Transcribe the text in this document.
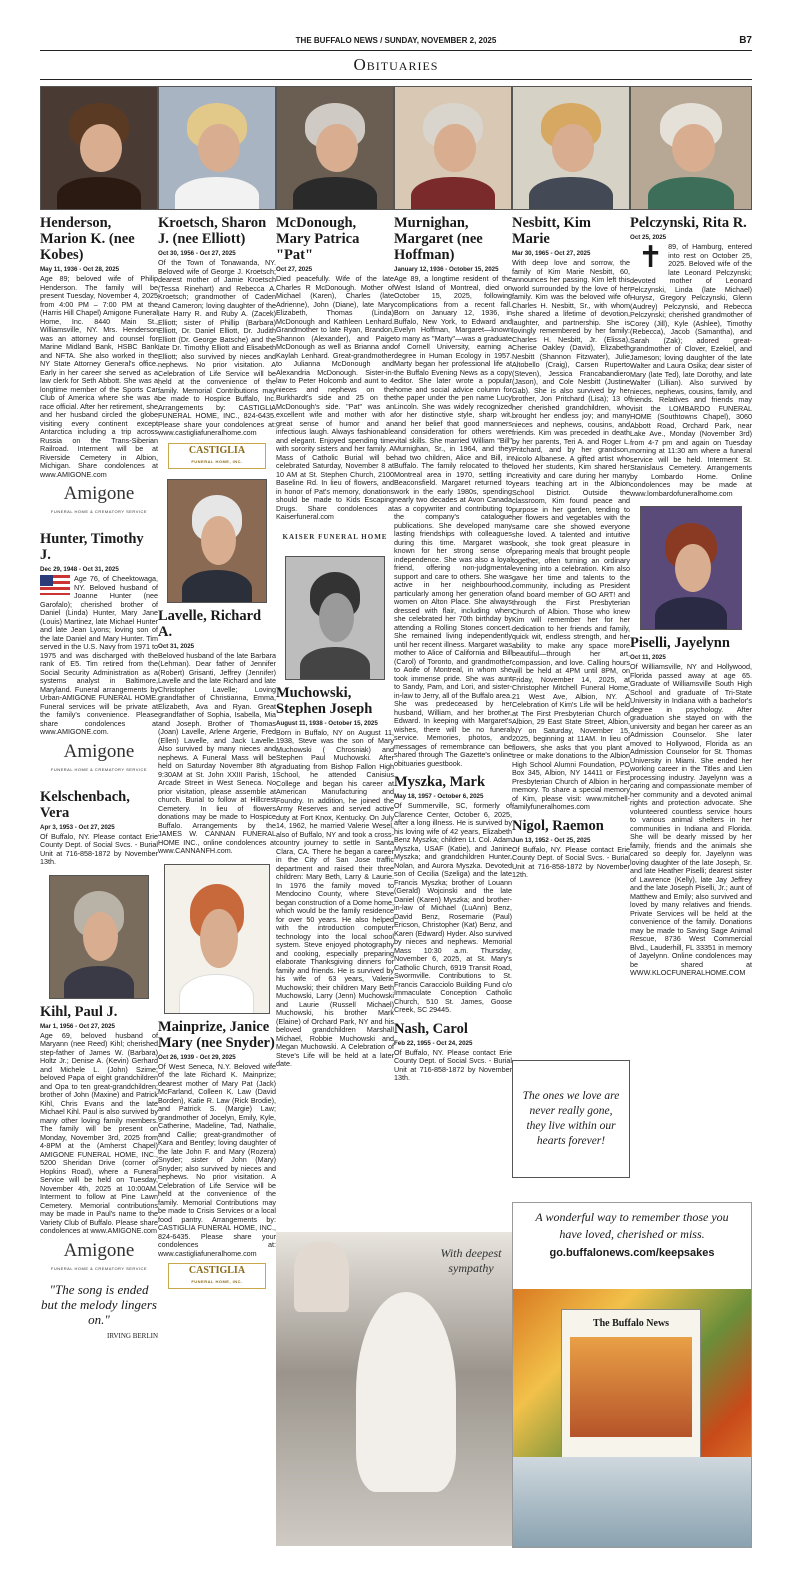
THE BUFFALO NEWS / SUNDAY, NOVEMBER 2, 2025	B7
Obituaries
Henderson, Marion K. (nee Kobes)
May 11, 1936 - Oct 28, 2025
Age 89; beloved wife of Philip Henderson. The family will be present Tuesday, November 4, 2025 from 4:00 PM – 7:00 PM at the (Harris Hill Chapel) Amigone Funeral Home, Inc. 8440 Main St., Williamsville, NY. Mrs. Henderson was an attorney and counsel for Marine Midland Bank, HSBC Bank and NFTA. She also worked in the NY State Attorney General's office. Early in her career she served as a law clerk for Seth Abbott. She was a longtime member of the Sports Car Club of America where she was a race official. After her retirement, she and her husband circled the globe visiting every continent except Antarctica including a trip across Russia on the Trans-Siberian Railroad. Interment will be at Riverside Cemetery in Albion, Michigan. Share condolences at www.AMIGONE.com
Amigone
FUNERAL HOME & CREMATORY SERVICE
Hunter, Timothy J.
Dec 29, 1948 - Oct 31, 2025
Age 76, of Cheektowaga, NY. Beloved husband of Joanne Hunter (nee Garofalo); cherished brother of Daniel (Linda) Hunter, Mary Jane (Louis) Martinez, late Michael Hunter and late Jean Lyons; loving son of the late Daniel and Mary Hunter. Tim served in the U.S. Navy from 1971 to 1975 and was discharged with the rank of E5. Tim retired from the Social Security Administration as a systems analyst in Baltimore, Maryland. Funeral arrangements by Urban-AMIGONE FUNERAL HOME. Funeral services will be private at the family's convenience. Please share condolences at www.AMIGONE.com.
Amigone
FUNERAL HOME & CREMATORY SERVICE
Kelschenbach, Vera
Apr 3, 1953 - Oct 27, 2025
Of Buffalo, NY. Please contact Erie County Dept. of Social Svcs. - Burial Unit at 716-858-1872 by November 13th.
Kihl, Paul J.
Mar 1, 1956 - Oct 27, 2025
Age 69, beloved husband of Maryann (nee Reed) Kihl; cherished step-father of James W. (Barbara) Holtz Jr.; Denise A. (Kevin) Gerhard and Michele L. (John) Szime; beloved Papa of eight grandchildren and Opa to ten great-grandchildren; brother of John (Maxine) and Patrick Kihl, Chris Evans and the late Michael Kihl. Paul is also survived by many other loving family members. The family will be present on Monday, November 3rd, 2025 from 4-8PM at the (Amherst Chapel) AMIGONE FUNERAL HOME, INC., 5200 Sheridan Drive (corner of Hopkins Road), where a Funeral Service will be held on Tuesday, November 4th, 2025 at 10:00AM. Interment to follow at Pine Lawn Cemetery. Memorial contributions may be made in Paul's name to the Variety Club of Buffalo. Please share condolences at www.AMIGONE.com
Amigone
FUNERAL HOME & CREMATORY SERVICE
"The song is ended but the melody lingers on."
IRVING BERLIN
Kroetsch, Sharon J. (nee Elliott)
Oct 30, 1956 - Oct 27, 2025
Of the Town of Tonawanda, NY. Beloved wife of George J. Kroetsch; dearest mother of Jamie Kroetsch (Tessa Rinehart) and Rebecca A. Kroetsch; grandmother of Caden and Cameron; loving daughter of the late Harry R. and Ruby A. (Zacek) Elliott; sister of Phillip (Barbara) Elliott, Dr. Daniel Elliott, Dr. Judith Elliott (Dr. George Batsche) and the late Dr. Timothy Elliott and Elisabeth Elliott; also survived by nieces and nephews. No prior visitation. A Celebration of Life Service will be held at the convenience of the family. Memorial Contributions may be made to Hospice Buffalo, Inc. Arrangements by: CASTIGLIA FUNERAL HOME, INC., 824-6435. Please share your condolences at: www.castigliafuneralhome.com
CASTIGLIA
FUNERAL HOME, INC.
Lavelle, Richard A.
Oct 31, 2025
Beloved husband of the late Barbara (Lehman). Dear father of Jennifer (Robert) Grisanti, Jeffrey (Jennifer) Lavelle and the late Richard and late Christopher Lavelle; Loving grandfather of Christianna, Emma, Elizabeth, Ava and Ryan. Great grandfather of Sophia, Isabella, Mia and Joseph. Brother of Thomas (Joan) Lavelle, Arlene Argerie, Fred (Ellen) Lavelle, and Jack Lavelle. Also survived by many nieces and nephews. A Funeral Mass will be held on Saturday November 8th at 9:30AM at St. John XXIII Parish, 1 Arcade Street in West Seneca. No prior visitation, please assemble at church. Burial to follow at Hillcrest Cemetery. In lieu of flowers donations may be made to Hospice Buffalo. Arrangements by the JAMES W. CANNAN FUNERAL HOME INC., online condolences at www.CANNANFH.com.
Mainprize, Janice Mary (nee Snyder)
Oct 26, 1939 - Oct 29, 2025
Of West Seneca, N.Y. Beloved wife of the late Richard K. Mainprize; dearest mother of Mary Pat (Jack) McFarland, Colleen K. Law (David Borden), Katie R. Law (Rick Brodie), and Patrick S. (Margie) Law; grandmother of Jocelyn, Emily, Kyle, Catherine, Madeline, Tad, Nathalie, and Callie; great-grandmother of Kara and Bentley; loving daughter of the late John F. and Mary (Rozera) Snyder; sister of John (Mary) Snyder; also survived by nieces and nephews. No prior visitation. A Celebration of Life Service will be held at the convenience of the family. Memorial Contributions may be made to Crisis Services or a local food pantry. Arrangements by: CASTIGLIA FUNERAL HOME, INC., 824-6435. Please share your condolences at: www.castigliafuneralhome.com
CASTIGLIA
FUNERAL HOME, INC.
McDonough, Mary Patrica "Pat"
Oct 27, 2025
Died peacefully. Wife of the late Charles R McDonough. Mother of Michael (Karen), Charles (late Adrienne), John (Diane), late Mary Elizabeth, Thomas (Linda) McDonough and Kathleen Lenhard. Grandmother to late Ryan, Brandon, Shannon (Alexander), and Paige McDonough as well as Brianna and Kaylah Lenhard. Great-grandmother to Julianna McDonough and Alexandria McDonough. Sister-in-law to Peter Holcomb and aunt to 4 nieces and nephews on the Burkhardt's side and 25 on the McDonough's side. "Pat" was an excellent wife and mother with a great sense of humor and an infectious laugh. Always fashionable and elegant. Enjoyed spending time with sorority sisters and her family. A Mass of Catholic Burial will be celebrated Saturday, November 8 at 10 AM at St. Stephen Church, 2100 Baseline Rd. In lieu of flowers, and in honor of Pat's memory, donations should be made to Kids Escaping Drugs. Share condolences at Kaiserfuneral.com
KAISER FUNERAL HOME
Muchowski, Stephen Joseph
August 11, 1938 - October 15, 2025
Born in Buffalo, NY on August 11, 1938, Steve was the son of Mary Muchowski ( Chrosniak) and Stephen Paul Muchowski. After graduating from Bishop Fallon High School, he attended Canisius College and began his career at American Manufacturing and Foundry. In addition, he joined the Army Reserves and served active duty at Fort Knox, Kentucky. On July 14, 1962, he married Valerie Wesel, also of Buffalo, NY and took a cross-country journey to settle in Santa Clara, CA. There he began a career in the City of San Jose traffic department and raised their three children: Mary Beth, Larry & Laurie. In 1976 the family moved to Mendocino County, where Steve began construction of a Dome home, which would be the family residence for over 50 years. He also helped with the introduction computer technology into the local school system. Steve enjoyed photography and cooking, especially preparing elaborate Thanksgiving dinners for family and friends. He is survived by his wife of 63 years, Valerie Muchowski; their children Mary Beth Muchowski, Larry (Jenn) Muchowski and Laurie (Russell Michael) Muchowski, his brother Mark (Elaine) of Orchard Park, NY and his beloved grandchildren Marshall Michael, Robbie Muchowski and Megan Muchowski. A Celebration of Steve's Life will be held at a later date.
Murnighan, Margaret (nee Hoffman)
January 12, 1936 - October 15, 2025
Age 89, a longtime resident of the West Island of Montreal, died on October 15, 2025, following complications from a recent fall. Born on January 12, 1936, in Buffalo, New York, to Edward and Evelyn Hoffman, Margaret—known to many as "Marty"—was a graduate of Cornell University, earning a degree in Human Ecology in 1957. Marty began her professional life at the Buffalo Evening News as a copy editor. She later wrote a popular home and social advice column for the paper under the pen name Lucy Lincoln. She was widely recognized for her distinctive style, sharp wit, and her belief that good manners and consideration for others were vital skills. She married William "Bill" Murnighan, Sr., in 1964, and they had two children, Alice and Bill, in Buffalo. The family relocated to the Montreal area in 1970, settling in Beaconsfield. Margaret returned to work in the early 1980s, spending nearly two decades at Avon Canada as a copywriter and contributing to the company's catalogue publications. She developed many lasting friendships with colleagues during this time. Margaret was known for her strong sense of independence. She was also a loyal friend, offering non-judgmental support and care to others. She was active in her neighbourhood, particularly among her generation of women on Alton Place. She always dressed with flair, including when she celebrated her 70th birthday by attending a Rolling Stones concert. She remained living independently until her recent illness. Margaret was mother to Alice of California and Bill (Carol) of Toronto, and grandmother to Aoife of Montreal, in whom she took immense pride. She was aunt to Sandy, Pam, and Lori, and sister-in-law to Jerry, all of the Buffalo area. She was predeceased by her husband, William, and her brother, Edward. In keeping with Margaret's wishes, there will be no funeral service. Memories, photos, and messages of remembrance can be shared through The Gazette's online obituaries guestbook.
Myszka, Mark
May 18, 1957 - October 6, 2025
Of Summerville, SC, formerly of Clarence Center, October 6, 2025, after a long illness. He is survived by his loving wife of 42 years, Elizabeth Benz Myszka; children Lt. Col. Adam Myszka, USAF (Katie), and Janine Myszka; and grandchildren Hunter, Nolan, and Aurora Myszka. Devoted son of Cecilia (Szeliga) and the late Francis Myszka; brother of Louann (Gerald) Wojcinski and the late Daniel (Karen) Myszka; and brother-in-law of Michael (LuAnn) Benz, David Benz, Rosemarie (Paul) Ericson, Christopher (Kat) Benz, and Karen (Edward) Hyder. Also survived by nieces and nephews. Memorial Mass 10:30 a.m. Thursday, November 6, 2025, at St. Mary's Catholic Church, 6919 Transit Road, Swormville. Contributions to St. Francis Caracciolo Building Fund c/o Immaculate Conception Catholic Church, 510 St. James, Goose Creek, SC 29445.
Nash, Carol
Feb 22, 1955 - Oct 24, 2025
Of Buffalo, NY. Please contact Erie County Dept. of Social Svcs. - Burial Unit at 716-858-1872 by November 13th.
Nesbitt, Kim Marie
Mar 30, 1965 - Oct 27, 2025
With deep love and sorrow, the family of Kim Marie Nesbitt, 60, announces her passing. Kim left this world surrounded by the love of her family. Kim was the beloved wife of Charles H. Nesbitt, Sr., with whom she shared a lifetime of devotion, laughter, and partnership. She is lovingly remembered by her family: Charles H. Nesbitt, Jr. (Elissa), Cherise Oakley (David), Elizabeth Nesbitt (Shannon Fitzwater), Julie Altobello (Craig), Carsen Ruperto (Steven), Jessica Francabandiero (Jason), and Cole Nesbitt (Justine Gab). She is also survived by her brother, Jon Pritchard (Lisa); 13 of her cherished grandchildren, who brought her endless joy; and many nieces and nephews, cousins, and friends. Kim was preceded in death by her parents, Teri A. and Roger L. Pritchard, and by her grandson, Nicolo Albanese. A gifted artist who loved her students, Kim shared her creativity and care during her many years teaching art in the Albion School District. Outside the classroom, Kim found peace and purpose in her garden, tending to her flowers and vegetables with the same care she showed everyone she loved. A talented and intuitive book, she took great pleasure in preparing meals that brought people together, often turning an ordinary evening into a celebration. Kim also gave her time and talents to the community, including as President and board member of GO ART! and through the First Presbyterian Church of Albion. Those who knew Kim will remember her for her dedication to her friends and family, quick wit, endless strength, and her ability to make any space more beautiful—through her art, compassion, and love. Calling hours will be held at 4PM until 8PM, on Friday, November 14, 2025, at Christopher Mitchell Funeral Home, 21 West Ave, Albion, NY. A Celebration of Kim's Life will be held at The First Presbyterian Church of Albion, 29 East State Street, Albion, NY on Saturday, November 15, 2025, beginning at 11AM. In lieu of flowers, she asks that you plant a tree or make donations to the Albion High School Alumni Foundation, PO Box 345, Albion, NY 14411 or First Presbyterian Church of Albion in her memory. To share a special memory of Kim, please visit: www.mitchell-familyfuneralhomes.com
Nigol, Raemon
Jun 13, 1952 - Oct 25, 2025
Of Buffalo, NY. Please contact Erie County Dept. of Social Svcs. - Burial Unit at 716-858-1872 by November 12th.
Pelczynski, Rita R.
Oct 25, 2025
✝ 89, of Hamburg, entered into rest on October 25, 2025. Beloved wife of the late Leonard Pelczynski; devoted mother of Leonard Pelczynski, Linda (late Michael) Hurysz, Gregory Pelczynski, Glenn (Audrey) Pelczynski, and Rebecca Pelczynski; cherished grandmother of Corey (Jill), Kyle (Ashlee), Timothy (Rebecca), Jacob (Samantha), and Sarah (Zak); adored great-grandmother of Clover, Ezekiel, and Jameson; loving daughter of the late Walter and Laura Osika; dear sister of Mary (late Ted), late Dorothy, and late Walter (Lillian). Also survived by nieces, nephews, cousins, family, and friends. Relatives and friends may visit the LOMBARDO FUNERAL HOME (Southtowns Chapel), 3060 Abbott Road, Orchard Park, near Lake Ave., Monday (November 3rd) from 4-7 pm and again on Tuesday morning at 11:30 am where a funeral service will be held. Interment St. Stanislaus Cemetery. Arrangements by Lombardo Home. Online condolences may be made at www.lombardofuneralhome.com
Piselli, Jayelynn
Oct 11, 2025
Of Williamsville, NY and Hollywood, Florida passed away at age 65. Graduate of Williamsville South High School and graduate of Tri-State University in Indiana with a bachelor's degree in psychology. After graduation she stayed on with the university and began her career as an Admission Counselor. She later moved to Hollywood, Florida as an Admission Counselor for St. Thomas University in Miami. She ended her working career in the Titles and Lien processing industry. Jayelynn was a caring and compassionate member of her community and a devoted animal rights and protection advocate. She volunteered countless service hours to various animal shelters in her communities in Indiana and Florida. She will be dearly missed by her family, friends and the animals she cared so deeply for. Jayelynn was loving daughter of the late Joseph, Sr. and late Heather Piselli; dearest sister of Lawrence (Kelly), late Jay Jeffrey and the late Joseph Piselli, Jr.; aunt of Matthew and Emily; also survived and loved by many relatives and friends. Private Services will be held at the convenience of the family. Donations may be made to Saving Sage Animal Rescue, 8736 West Commercial Blvd., Lauderhill, FL 33351 in memory of Jayelynn. Online condolences may be shared at WWW.KLOCFUNERALHOME.COM
The ones we love are never really gone, they live within our hearts forever!
With deepest sympathy
A wonderful way to remember those you have loved, cherished or miss.
go.buffalonews.com/keepsakes
The Buffalo News
